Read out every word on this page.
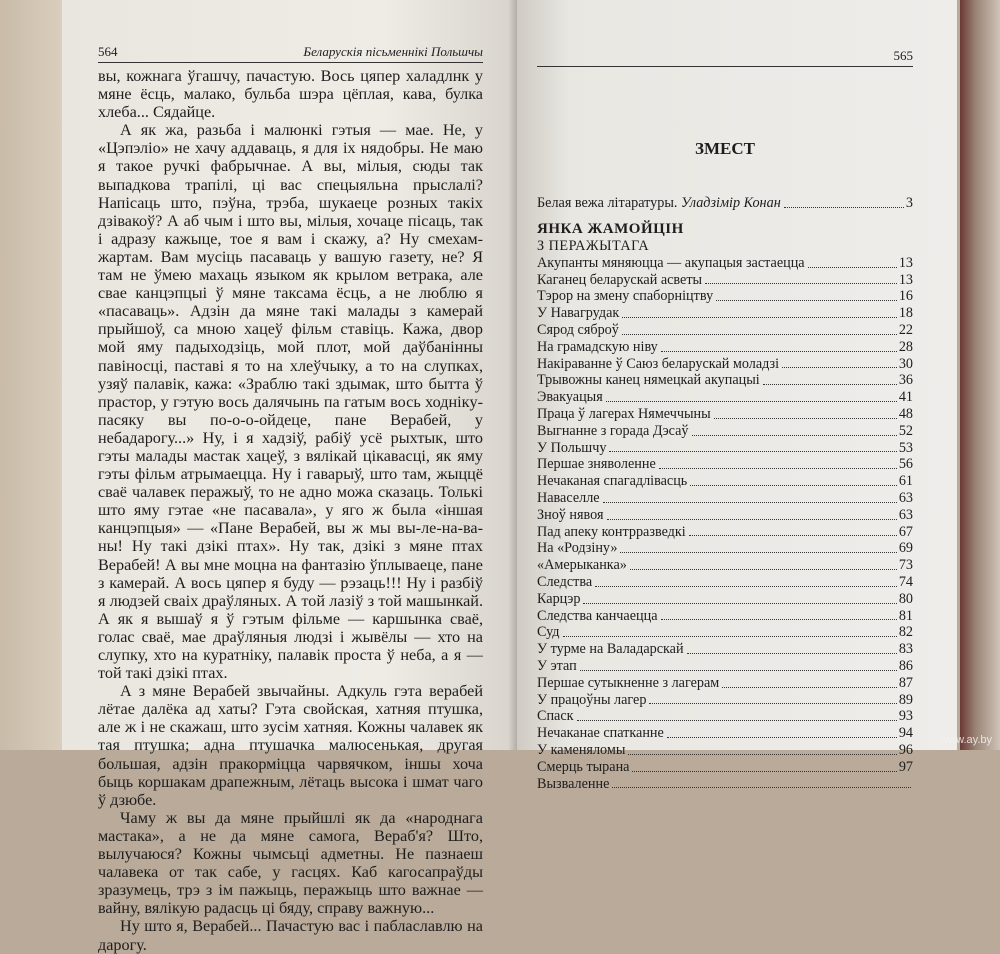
564	Беларускія пісьменнікі Польшчы

вы, кожнага ўгашчу, пачастую. Вось цяпер халадлнк у мяне ёсць, малако, бульба шэра цёплая, кава, булка хлеба... Сядайце.

А як жа, разьба і малюнкі гэтыя — мае. Не, у «Цэпэліо» не хачу аддаваць, я для іх нядобры. Не маю я такое ручкі фабрычнае. А вы, мілыя, сюды так выпадкова трапілі, ці вас спецыяльна прыслалі? Напісаць што, пэўна, трэба, шукаеце розных такіх дзівакоў? А аб чым і што вы, мілыя, хочаце пісаць, так і адразу кажыце, тое я вам і скажу, а? Ну смехам-жартам. Вам мусіць пасаваць у вашую газету, не? Я там не ўмею махаць языком як крылом ветрака, але свае канцэпцыі ў мяне таксама ёсць, а не люблю я «пасаваць». Адзін да мяне такі малады з камерай прыйшоў, са мною хацеў фільм ставіць. Кажа, двор мой яму падыходзіць, мой плот, мой даўбанінны павіносці, паставі я то на хлеўчыку, а то на слупках, узяў палавік, кажа: «Зраблю такі здымак, што бытта ў прастор, у гэтую вось далячынь па гатым вось ходнікy-пасяку вы по-о-о-ойдеце, пане Верабей, у небадарогу...» Ну, і я хадзіў, рабіў усё рыхтык, што гэты малады мастак хацеў, з вялікай цікавасці, як яму гэты фільм атрымаецца. Ну і гаварыў, што там, жыццё сваё чалавек перажыў, то не адно можа сказаць. Толькі што яму гэтае «не пасавала», у яго ж была «іншая канцэпцыя» — «Пане Верабей, вы ж мы вы-ле-на-ва-ны! Ну такі дзікі птах». Ну так, дзікі з мяне птах Верабей! А вы мне моцна на фантазію ўплываеце, пане з камерай. А вось цяпер я буду — рэзаць!!! Ну і разбіў я людзей сваіх драўляных. А той лазіў з той машынкай. А як я вышаў я ў гэтым фільме — каршынка сваё, голас сваё, мае драўляныя людзі і жывёлы — хто на слупку, хто на куратніку, палавік проста ў неба, а я — той такі дзікі птах.

А з мяне Верабей звычайны. Адкуль гэта верабей лётае далёка ад хаты? Гэта свойская, хатняя птушка, але ж і не скажаш, што зусім хатняя. Кожны чалавек як тая птушка; адна птушачка малюсенькая, другая большая, адзін пракорміцца чарвячком, іншы хоча быць коршакам драпежным, лётаць высока і шмат чаго ў дзюбе.

Чаму ж вы да мяне прыйшлі як да «народнага мастака», а не да мяне самога, Вераб'я? Што, вылучаюся? Кожны чымсьці адметны. Не пазнаеш чалавека от так сабе, у гасцях. Каб кагосапраўды зразумець, трэ з ім пажыць, перажыць што важнае — вайну, вялікую радасць ці бяду, справу важную...

Ну што я, Верабей... Пачастую вас і паблаславлю на дарогу.

565
ЗМЕСТ
Белая вежа літаратуры. Уладзімір Конан	3
ЯНКА ЖАМОЙЦІН
З ПЕРАЖЫТАГА
Акупанты мяняюцца — акупацыя застаецца	13
Каганец беларускай асветы	13
Тэрор на змену спаборніцтву	16
У Навагрудак	18
Сярод сяброў	22
На грамадскую ніву	28
Накіраванне ў Саюз беларускай моладзі	30
Трывожны канец нямецкай акупацыі	36
Эвакуацыя	41
Праца ў лагерах Нямеччыны	48
Выгнанне з горада Дэсаў	52
У Польшчу	53
Першае зняволенне	56
Нечаканая спагадлівасць	61
Наваселле	63
Зноў нявоя	63
Пад апеку контрразведкі	67
На «Родзіну»	69
«Амерыканка»	73
Следства	74
Карцэр	80
Следства канчаецца	81
Суд	82
У турме на Валадарскай	83
У этап	86
Першае сутыкненне з лагерам	87
У працоўны лагер	89
Спаск	93
Нечаканае спатканне	94
У каменяломы	96
Смерць тырана	97
Вызваленне
www.ay.by
